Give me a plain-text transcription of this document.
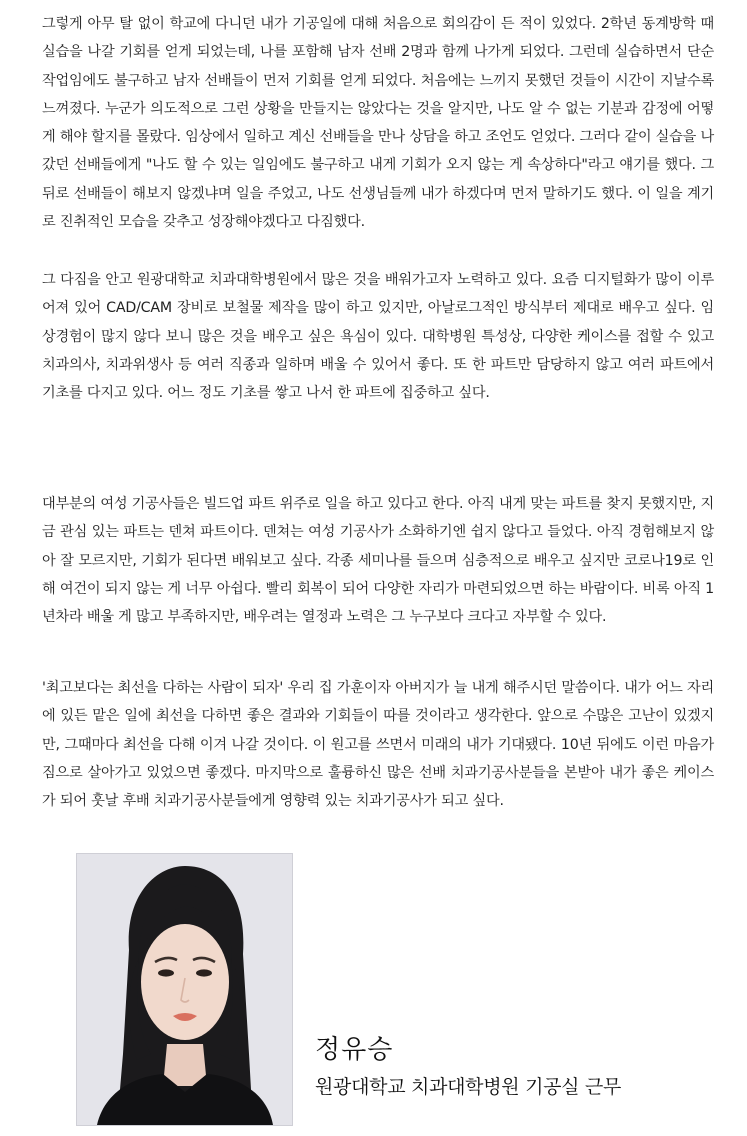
그렇게 아무 탈 없이 학교에 다니던 내가 기공일에 대해 처음으로 회의감이 든 적이 있었다. 2학년 동계방학 때 실습을 나갈 기회를 얻게 되었는데, 나를 포함해 남자 선배 2명과 함께 나가게 되었다. 그런데 실습하면서 단순 작업임에도 불구하고 남자 선배들이 먼저 기회를 얻게 되었다. 처음에는 느끼지 못했던 것들이 시간이 지날수록 느껴졌다. 누군가 의도적으로 그런 상황을 만들지는 않았다는 것을 알지만, 나도 알 수 없는 기분과 감정에 어떻게 해야 할지를 몰랐다. 임상에서 일하고 계신 선배들을 만나 상담을 하고 조언도 얻었다. 그러다 같이 실습을 나갔던 선배들에게 "나도 할 수 있는 일임에도 불구하고 내게 기회가 오지 않는 게 속상하다"라고 얘기를 했다. 그 뒤로 선배들이 해보지 않겠냐며 일을 주었고, 나도 선생님들께 내가 하겠다며 먼저 말하기도 했다. 이 일을 계기로 진취적인 모습을 갖추고 성장해야겠다고 다짐했다.

그 다짐을 안고 원광대학교 치과대학병원에서 많은 것을 배워가고자 노력하고 있다. 요즘 디지털화가 많이 이루어져 있어 CAD/CAM 장비로 보철물 제작을 많이 하고 있지만, 아날로그적인 방식부터 제대로 배우고 싶다. 임상경험이 많지 않다 보니 많은 것을 배우고 싶은 욕심이 있다. 대학병원 특성상, 다양한 케이스를 접할 수 있고 치과의사, 치과위생사 등 여러 직종과 일하며 배울 수 있어서 좋다. 또 한 파트만 담당하지 않고 여러 파트에서 기초를 다지고 있다. 어느 정도 기초를 쌓고 나서 한 파트에 집중하고 싶다.

대부분의 여성 기공사들은 빌드업 파트 위주로 일을 하고 있다고 한다. 아직 내게 맞는 파트를 찾지 못했지만, 지금 관심 있는 파트는 덴쳐 파트이다. 덴쳐는 여성 기공사가 소화하기엔 쉽지 않다고 들었다. 아직 경험해보지 않아 잘 모르지만, 기회가 된다면 배워보고 싶다. 각종 세미나를 들으며 심층적으로 배우고 싶지만 코로나19로 인해 여건이 되지 않는 게 너무 아쉽다. 빨리 회복이 되어 다양한 자리가 마련되었으면 하는 바람이다. 비록 아직 1년차라 배울 게 많고 부족하지만, 배우려는 열정과 노력은 그 누구보다 크다고 자부할 수 있다.

'최고보다는 최선을 다하는 사람이 되자' 우리 집 가훈이자 아버지가 늘 내게 해주시던 말씀이다. 내가 어느 자리에 있든 맡은 일에 최선을 다하면 좋은 결과와 기회들이 따를 것이라고 생각한다. 앞으로 수많은 고난이 있겠지만, 그때마다 최선을 다해 이겨 나갈 것이다. 이 원고를 쓰면서 미래의 내가 기대됐다. 10년 뒤에도 이런 마음가짐으로 살아가고 있었으면 좋겠다. 마지막으로 훌륭하신 많은 선배 치과기공사분들을 본받아 내가 좋은 케이스가 되어 훗날 후배 치과기공사분들에게 영향력 있는 치과기공사가 되고 싶다.

정유승
원광대학교 치과대학병원 기공실 근무
